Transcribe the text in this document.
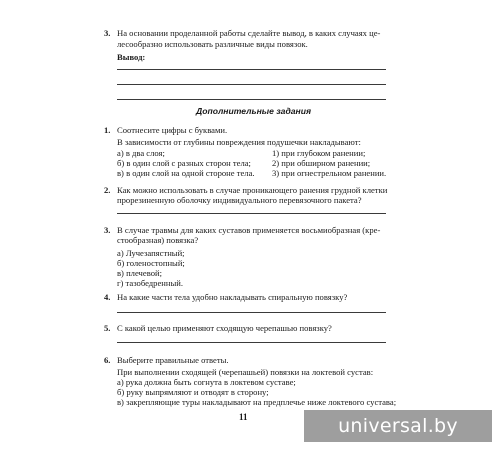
3. На основании проделанной работы сделайте вывод, в каких случаях це-
лесообразно использовать различные виды повязок.
Вывод:
Дополнительные задания
1. Соотнесите цифры с буквами.
В зависимости от глубины повреждения подушечки накладывают:
а) в два слоя;
б) в один слой с разных сторон тела;
в) в один слой на одной стороне тела.
1) при глубоком ранении;
2) при обширном ранении;
3) при огнестрельном ранении.
2. Как можно использовать в случае проникающего ранения грудной клетки
прорезиненную оболочку индивидуального перевязочного пакета?
3. В случае травмы для каких суставов применяется восьмиобразная (кре-
стообразная) повязка?
а) Лучезапястный;
б) голеностопный;
в) плечевой;
г) тазобедренный.
4. На какие части тела удобно накладывать спиральную повязку?
5. С какой целью применяют сходящую черепашью повязку?
6. Выберите правильные ответы.
При выполнении сходящей (черепашьей) повязки на локтевой сустав:
а) рука должна быть согнута в локтевом суставе;
б) руку выпрямляют и отводят в сторону;
в) закрепляющие туры накладывают на предплечье ниже локтевого сустава;
11	universal.by
